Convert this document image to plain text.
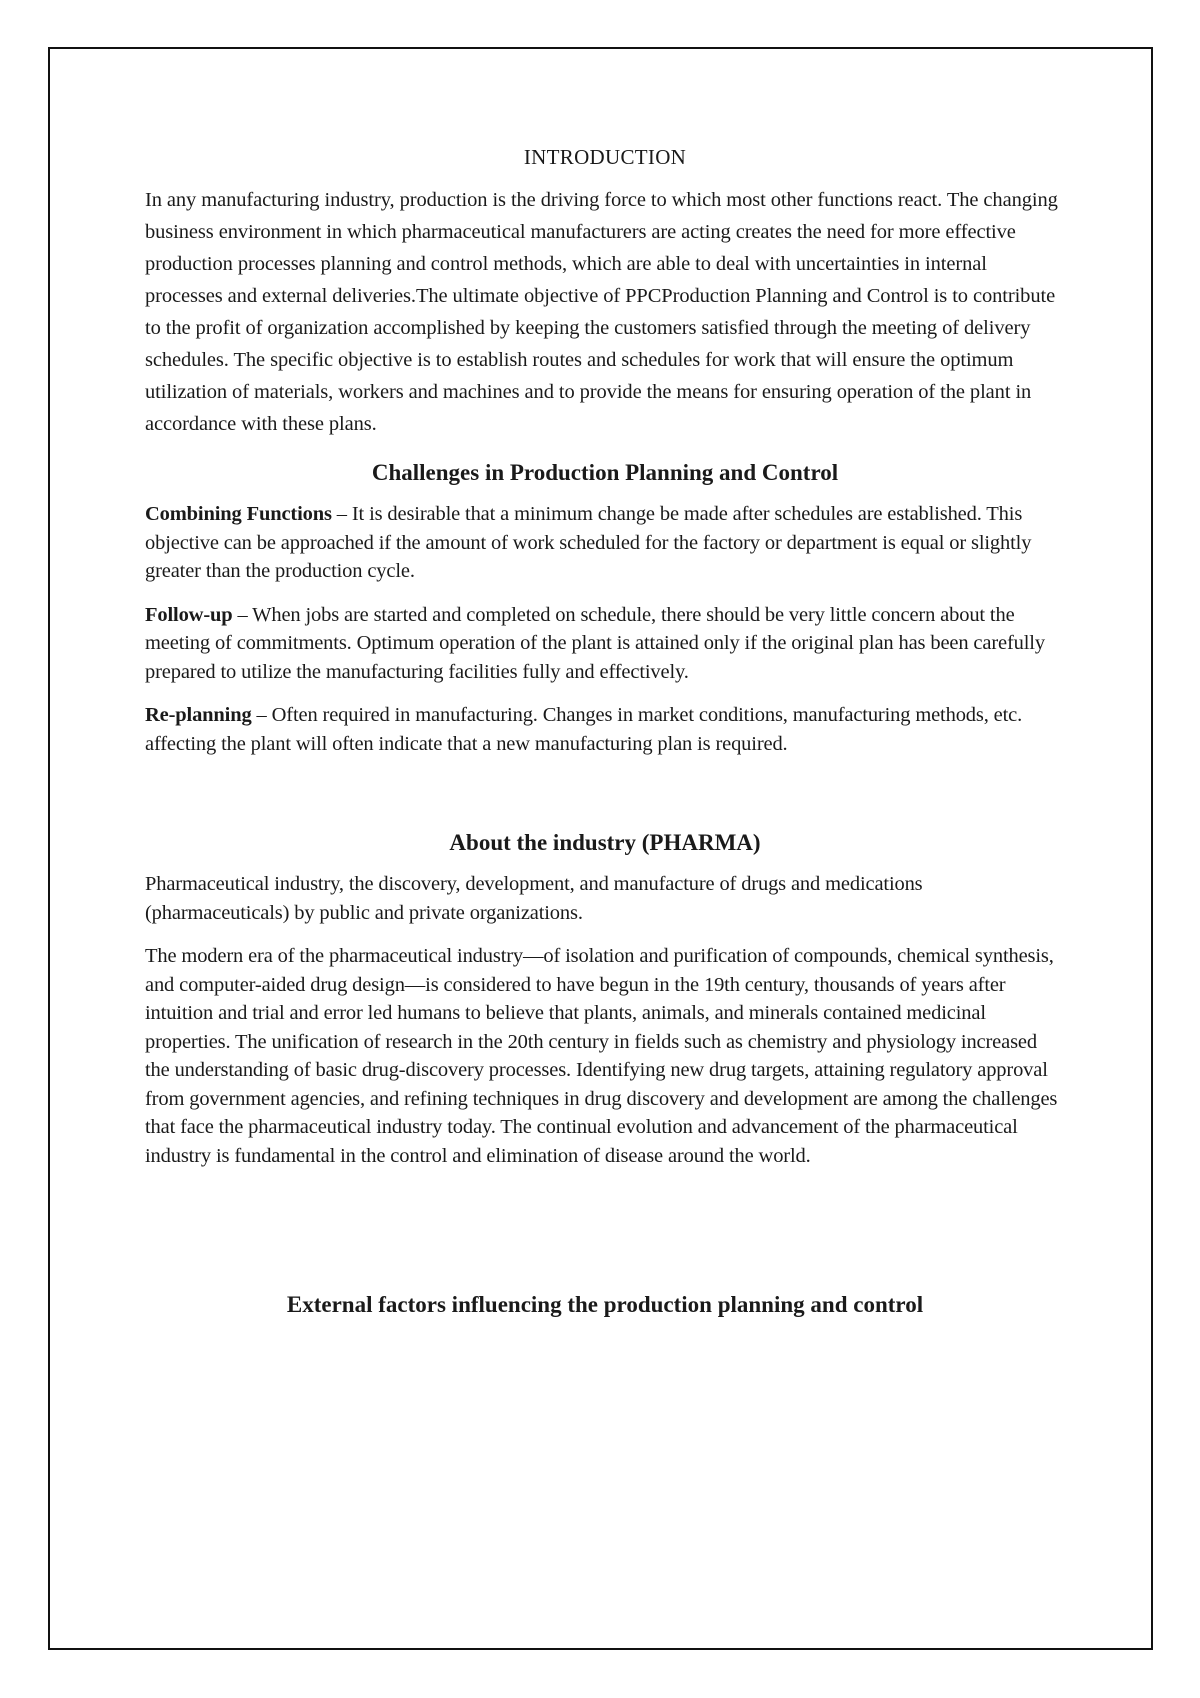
INTRODUCTION

In any manufacturing industry, production is the driving force to which most other functions react. The changing business environment in which pharmaceutical manufacturers are acting creates the need for more effective production processes planning and control methods, which are able to deal with uncertainties in internal processes and external deliveries.The ultimate objective of PPCProduction Planning and Control is to contribute to the profit of organization accomplished by keeping the customers satisfied through the meeting of delivery schedules. The specific objective is to establish routes and schedules for work that will ensure the optimum utilization of materials, workers and machines and to provide the means for ensuring operation of the plant in accordance with these plans.

Challenges in Production Planning and Control

Combining Functions – It is desirable that a minimum change be made after schedules are established. This objective can be approached if the amount of work scheduled for the factory or department is equal or slightly greater than the production cycle.

Follow-up – When jobs are started and completed on schedule, there should be very little concern about the meeting of commitments. Optimum operation of the plant is attained only if the original plan has been carefully prepared to utilize the manufacturing facilities fully and effectively.

Re-planning – Often required in manufacturing. Changes in market conditions, manufacturing methods, etc. affecting the plant will often indicate that a new manufacturing plan is required.

About the industry (PHARMA)

Pharmaceutical industry, the discovery, development, and manufacture of drugs and medications (pharmaceuticals) by public and private organizations.

The modern era of the pharmaceutical industry—of isolation and purification of compounds, chemical synthesis, and computer-aided drug design—is considered to have begun in the 19th century, thousands of years after intuition and trial and error led humans to believe that plants, animals, and minerals contained medicinal properties. The unification of research in the 20th century in fields such as chemistry and physiology increased the understanding of basic drug-discovery processes. Identifying new drug targets, attaining regulatory approval from government agencies, and refining techniques in drug discovery and development are among the challenges that face the pharmaceutical industry today. The continual evolution and advancement of the pharmaceutical industry is fundamental in the control and elimination of disease around the world.

External factors influencing the production planning and control
